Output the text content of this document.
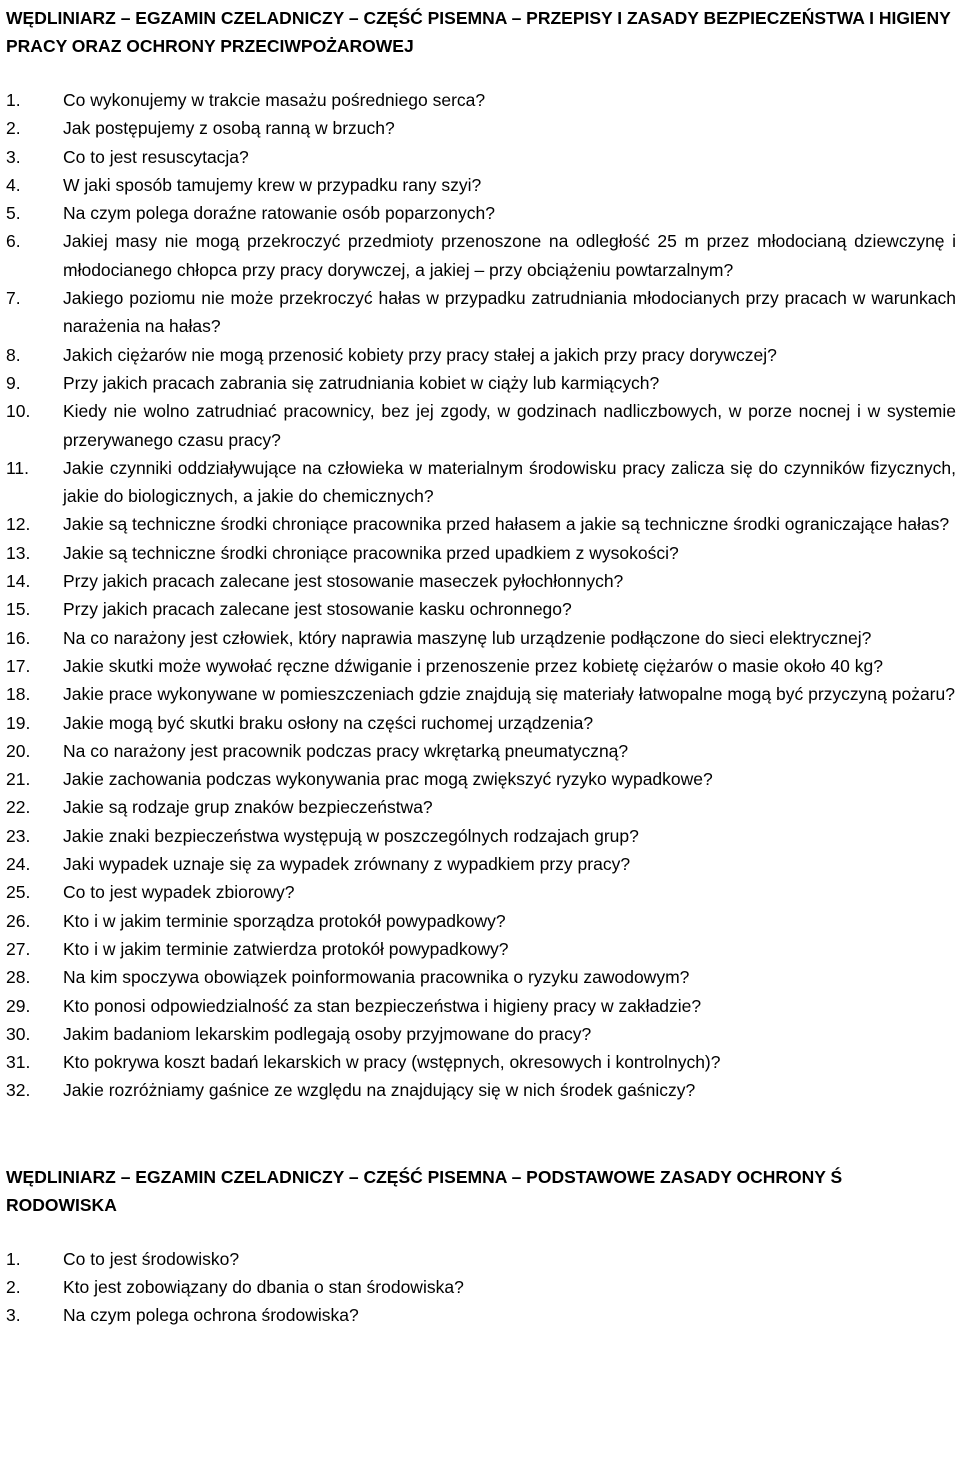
WĘDLINIARZ – EGZAMIN CZELADNICZY – CZĘŚĆ PISEMNA – PRZEPISY I ZASADY BEZPIECZEŃSTWA I HIGIENY PRACY ORAZ OCHRONY PRZECIWPOŻAROWEJ
1.	Co wykonujemy w trakcie masażu pośredniego serca?
2.	Jak postępujemy z osobą ranną w brzuch?
3.	Co to jest resuscytacja?
4.	W jaki sposób tamujemy krew w przypadku rany szyi?
5.	Na czym polega doraźne ratowanie osób poparzonych?
6.	Jakiej masy nie mogą przekroczyć przedmioty przenoszone na odległość 25 m przez młodocianą dziewczynę i młodocianego chłopca przy pracy dorywczej, a jakiej – przy obciążeniu powtarzalnym?
7.	Jakiego poziomu nie może przekroczyć hałas w przypadku zatrudniania młodocianych przy pracach w warunkach narażenia na hałas?
8.	Jakich ciężarów nie mogą przenosić kobiety przy pracy stałej a jakich przy pracy dorywczej?
9.	Przy jakich pracach zabrania się zatrudniania kobiet w ciąży lub karmiących?
10.	Kiedy nie wolno zatrudniać pracownicy, bez jej zgody, w godzinach nadliczbowych, w porze nocnej i w systemie przerywanego czasu pracy?
11.	Jakie czynniki oddziaływujące na człowieka w materialnym środowisku pracy zalicza się do czynników fizycznych, jakie do biologicznych, a jakie do chemicznych?
12.	Jakie są techniczne środki chroniące pracownika przed hałasem a jakie są techniczne środki ograniczające hałas?
13.	Jakie są techniczne środki chroniące pracownika przed upadkiem z wysokości?
14.	Przy jakich pracach zalecane jest stosowanie maseczek pyłochłonnych?
15.	Przy jakich pracach zalecane jest stosowanie kasku ochronnego?
16.	Na co narażony jest człowiek, który naprawia maszynę lub urządzenie podłączone do sieci elektrycznej?
17.	Jakie skutki może wywołać ręczne dźwiganie i przenoszenie przez kobietę ciężarów o masie około 40 kg?
18.	Jakie prace wykonywane w pomieszczeniach gdzie znajdują się materiały łatwopalne mogą być przyczyną pożaru?
19.	Jakie mogą być skutki braku osłony na części ruchomej urządzenia?
20.	Na co narażony jest pracownik podczas pracy wkrętarką pneumatyczną?
21.	Jakie zachowania podczas wykonywania prac mogą zwiększyć ryzyko wypadkowe?
22.	Jakie są rodzaje grup znaków bezpieczeństwa?
23.	Jakie znaki bezpieczeństwa występują w poszczególnych rodzajach grup?
24.	Jaki wypadek uznaje się za wypadek zrównany z wypadkiem przy pracy?
25.	Co to jest wypadek zbiorowy?
26.	Kto i w jakim terminie sporządza protokół powypadkowy?
27.	Kto i w jakim terminie zatwierdza protokół powypadkowy?
28.	Na kim spoczywa obowiązek poinformowania pracownika o ryzyku zawodowym?
29.	Kto ponosi odpowiedzialność za stan bezpieczeństwa i higieny pracy w zakładzie?
30.	Jakim badaniom lekarskim podlegają osoby przyjmowane do pracy?
31.	Kto pokrywa koszt badań lekarskich w pracy (wstępnych, okresowych i kontrolnych)?
32.	Jakie rozróżniamy gaśnice ze względu na znajdujący się w nich środek gaśniczy?
WĘDLINIARZ – EGZAMIN CZELADNICZY – CZĘŚĆ PISEMNA – PODSTAWOWE ZASADY OCHRONY Ś RODOWISKA
1.	Co to jest środowisko?
2.	Kto jest zobowiązany do dbania o stan środowiska?
3.	Na czym polega ochrona środowiska?
